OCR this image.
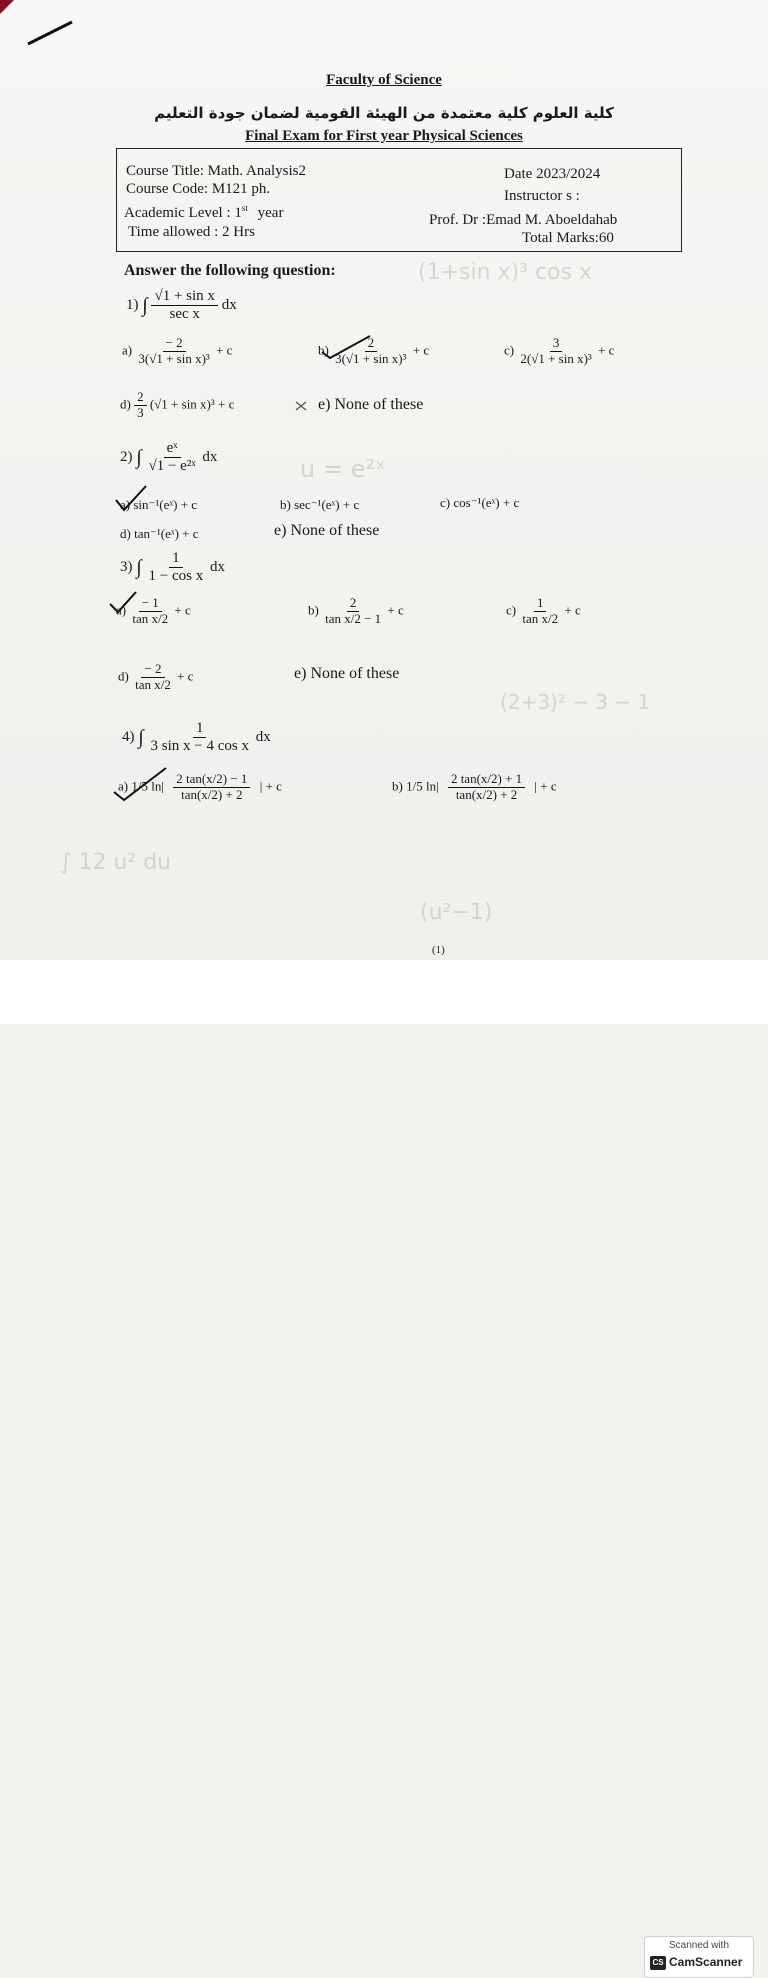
(1+sin x)³ cos x
u = e²ˣ
(2+3)² − 3 − 1
∫ 12 u² du
(u²−1)
Faculty of Science
كلية العلوم كلية معتمدة من الهيئة القومية لضمان جودة التعليم
Final Exam for First year Physical Sciences
Course Title: Math. Analysis2
Course Code: M121 ph.
Academic Level : 1st year
Time allowed : 2 Hrs
Date 2023/2024
Instructor s :
Prof. Dr :Emad M. Aboeldahab
Total Marks:60
Answer the following question:
1) ∫ $\frac{\text{√1 + sin x}}{\text{sec x}}$ dx
$a) \frac{- 2}{\text{3(√1 + sin x)³}} + c$	$b) \frac{2}{\text{3(√1 + sin x)³}} + c$	$c) \frac{3}{\text{2(√1 + sin x)³}} + c$
$d) \frac{2}{3} (√1 + \sin x)^3 + c$	e) None of these
2) ∫ $\frac{\text{eˣ}}{\text{√1 − e²ˣ}}$ dx
a) sin⁻¹(eˣ) + c	b) sec⁻¹(eˣ) + c	c) cos⁻¹(eˣ) + c
d) tan⁻¹(eˣ) + c	e) None of these
3) ∫ $\frac{1}{\text{1 − cos x}}$ dx
$a) \frac{- 1}{\text{tan x/2}} + c$	$b) \frac{2}{\text{tan x/2 − 1}} + c$	$c) \frac{1}{\text{tan x/2}} + c$
$d) \frac{- 2}{\text{tan x/2}} + c$	e) None of these
4) ∫ $\frac{1}{\text{3 sin x − 4 cos x}}$ dx
a) 1/5 $\ln| \frac{2 \tan(x/2) - 1}{\tan(x/2) + 2}$ | + c	b) 1/5 $\ln| \frac{2 \tan(x/2) + 1}{\tan(x/2) + 2}$ | + c
(1)
Scanned with
CS CamScanner
